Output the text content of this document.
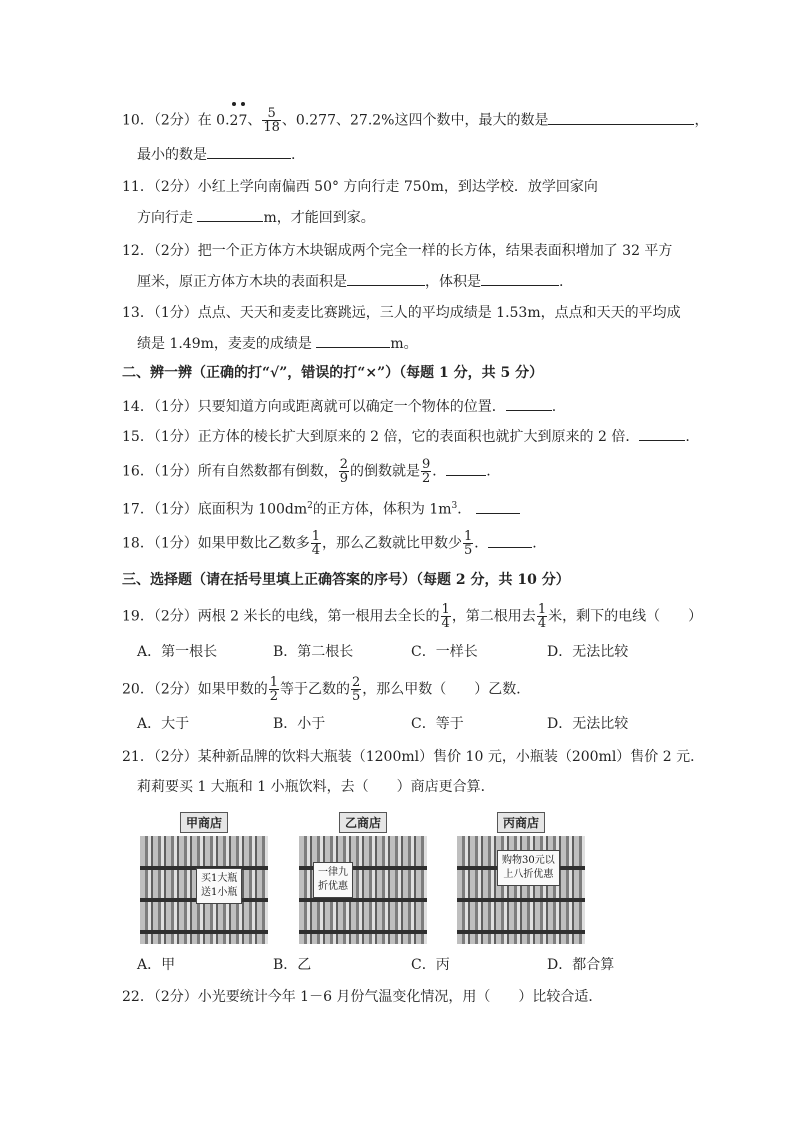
10．（2分）在 0.
2
7、 $\frac{5}{18}$ 、0.277、27.2%这四个数中，最大的数是	，
最小的数是	.
11．（2分）小红上学向南偏西 50° 方向行走 750m，到达学校．放学回家向
方向行走	m，才能回到家。
12．（2分）把一个正方体方木块锯成两个完全一样的长方体，结果表面积增加了 32 平方
厘米，原正方体方木块的表面积是	，体积是	.
13．（1分）点点、天天和麦麦比赛跳远，三人的平均成绩是 1.53m，点点和天天的平均成
绩是 1.49m，麦麦的成绩是	m。
二、辨一辨（正确的打“√”，错误的打“×”）（每题 1 分，共 5 分）
14．（1分）只要知道方向或距离就可以确定一个物体的位置．	.
15．（1分）正方体的棱长扩大到原来的 2 倍，它的表面积也就扩大到原来的 2 倍．	.
16．（1分）所有自然数都有倒数， $\frac{2}{9}$ 的倒数就是 $\frac{9}{2}$ ．	.
17．（1分）底面积为 $100dm^2$的正方体，体积为 $1m^3$．
18．（1分）如果甲数比乙数多 $\frac{1}{4}$ ，那么乙数就比甲数少 $\frac{1}{5}$ ．	.
三、选择题（请在括号里填上正确答案的序号）（每题 2 分，共 10 分）
19．（2分）两根 2 米长的电线，第一根用去全长的 $\frac{1}{4}$ ，第二根用去 $\frac{1}{4}$ 米，剩下的电线（　　）
A．第一根长	B．第二根长	C．一样长	D．无法比较
20．（2分）如果甲数的 $\frac{1}{2}$ 等于乙数的 $\frac{2}{5}$ ，那么甲数（　　）乙数．
A．大于	B．小于	C．等于	D．无法比较
21．（2分）某种新品牌的饮料大瓶装（1200ml）售价 10 元，小瓶装（200ml）售价 2 元．
莉莉要买 1 大瓶和 1 小瓶饮料，去（　　）商店更合算．
甲商店
买1大瓶
送1小瓶
乙商店
一律九
折优惠
丙商店
购物30元以
上八折优惠
A．甲	B．乙	C．丙	D．都合算
22．（2分）小光要统计今年 1－6 月份气温变化情况，用（　　）比较合适．
